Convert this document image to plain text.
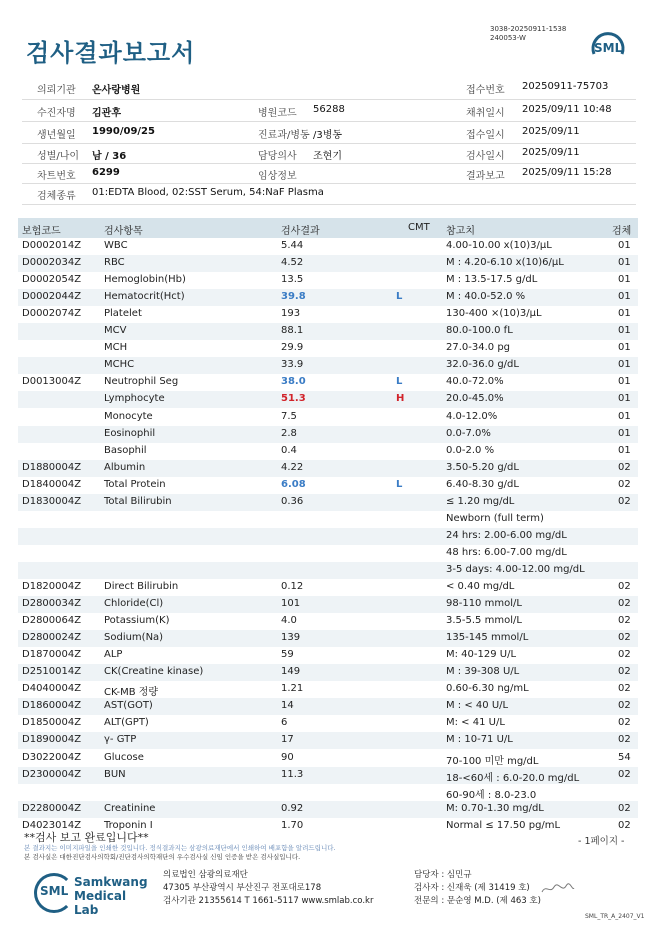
검사결과보고서
3038-20250911-1538
240053-W
SML
의뢰기관 온사랑병원	접수번호 20250911-75703
수진자명 김관후	병원코드 56288	채취일시 2025/09/11 10:48
생년월일 1990/09/25	진료과/병동 /3병동	접수일시 2025/09/11
성별/나이 남 / 36	담당의사 조현기	검사일시 2025/09/11
차트번호 6299	임상정보	결과보고 2025/09/11 15:28
검체종류 01:EDTA Blood, 02:SST Serum, 54:NaF Plasma
보험코드	검사항목	검사결과	CMT 참고치	검체
D0002014Z WBC	5.44	4.00-10.00 x(10)3/μL	01
D0002034Z RBC	4.52	M : 4.20-6.10 x(10)6/μL	01
D0002054Z Hemoglobin(Hb)	13.5	M : 13.5-17.5 g/dL	01
D0002044Z Hematocrit(Hct)	39.8	L	M : 40.0-52.0 %	01
D0002074Z Platelet	193	130-400 ×(10)3/μL	01
MCV	88.1	80.0-100.0 fL	01
MCH	29.9	27.0-34.0 pg	01
MCHC	33.9	32.0-36.0 g/dL	01
D0013004Z Neutrophil Seg	38.0	L	40.0-72.0%	01
Lymphocyte	51.3	H	20.0-45.0%	01
Monocyte	7.5	4.0-12.0%	01
Eosinophil	2.8	0.0-7.0%	01
Basophil	0.4	0.0-2.0 %	01
D1880004Z Albumin	4.22	3.50-5.20 g/dL	02
D1840004Z Total Protein	6.08	L	6.40-8.30 g/dL	02
D1830004Z Total Bilirubin	0.36	≤ 1.20 mg/dL	02
Newborn (full term)
24 hrs: 2.00-6.00 mg/dL
48 hrs: 6.00-7.00 mg/dL
3-5 days: 4.00-12.00 mg/dL
D1820004Z Direct Bilirubin	0.12	< 0.40 mg/dL	02
D2800034Z Chloride(Cl)	101	98-110 mmol/L	02
D2800064Z Potassium(K)	4.0	3.5-5.5 mmol/L	02
D2800024Z Sodium(Na)	139	135-145 mmol/L	02
D1870004Z ALP	59	M: 40-129 U/L	02
D2510014Z CK(Creatine kinase)	149	M : 39-308 U/L	02
D4040004Z CK-MB 정량	1.21	0.60-6.30 ng/mL	02
D1860004Z AST(GOT)	14	M : < 40 U/L	02
D1850004Z ALT(GPT)	6	M: < 41 U/L	02
D1890004Z γ- GTP	17	M : 10-71 U/L	02
D3022004Z Glucose	90	70-100 미만 mg/dL	54
D2300004Z BUN	11.3	18-<60세 : 6.0-20.0 mg/dL	02
60-90세 : 8.0-23.0
D2280004Z Creatinine	0.92	M: 0.70-1.30 mg/dL	02
D4023014Z Troponin I	1.70	Normal ≤ 17.50 pg/mL	02
**검사 보고 완료입니다**	- 1페이지 -
본 결과지는 이미지파일을 인쇄한 것입니다. 정식결과지는 삼광의료재단에서 인쇄하여 배포함을 알려드립니다.
본 검사실은 대한진단검사의학회/진단검사의학재단의 우수검사실 신임 인증을 받은 검사실입니다.
SML
Samkwang
Medical Lab
의료법인 삼광의료재단
47305 부산광역시 부산진구 전포대로178
검사기관 21355614 T 1661-5117 www.smlab.co.kr
담당자 : 심민규
검사자 : 신재욱 (제 31419 호)
전문의 : 문순영 M.D. (제 463 호)
SML_TR_A_2407_V1
